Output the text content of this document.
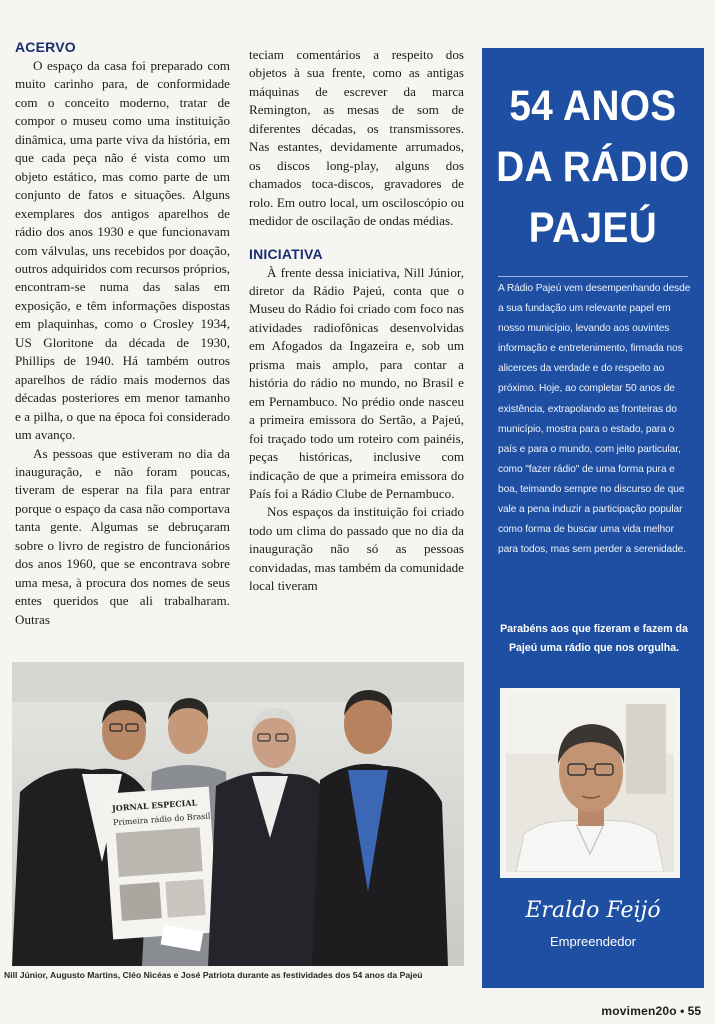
ACERVO

O espaço da casa foi preparado com muito carinho para, de conformidade com o conceito moderno, tratar de compor o museu como uma instituição dinâmica, uma parte viva da história, em que cada peça não é vista como um objeto estático, mas como parte de um conjunto de fatos e situações. Alguns exemplares dos antigos aparelhos de rádio dos anos 1930 e que funcionavam com válvulas, uns recebidos por doação, outros adquiridos com recursos próprios, encontram-se numa das salas em exposição, e têm informações dispostas em plaquinhas, como o Crosley 1934, US Gloritone da década de 1930, Phillips de 1940. Há também outros aparelhos de rádio mais modernos das décadas posteriores em menor tamanho e a pilha, o que na época foi considerado um avanço.

As pessoas que estiveram no dia da inauguração, e não foram poucas, tiveram de esperar na fila para entrar porque o espaço da casa não comportava tanta gente. Algumas se debruçaram sobre o livro de registro de funcionários dos anos 1960, que se encontrava sobre uma mesa, à procura dos nomes de seus entes queridos que ali trabalharam. Outras

teciam comentários a respeito dos objetos à sua frente, como as antigas máquinas de escrever da marca Remington, as mesas de som de diferentes décadas, os transmissores. Nas estantes, devidamente arrumados, os discos long-play, alguns dos chamados toca-discos, gravadores de rolo. Em outro local, um osciloscópio ou medidor de oscilação de ondas médias.

INICIATIVA

À frente dessa iniciativa, Nill Júnior, diretor da Rádio Pajeú, conta que o Museu do Rádio foi criado com foco nas atividades radiofônicas desenvolvidas em Afogados da Ingazeira e, sob um prisma mais amplo, para contar a história do rádio no mundo, no Brasil e em Pernambuco. No prédio onde nasceu a primeira emissora do Sertão, a Pajeú, foi traçado todo um roteiro com painéis, peças históricas, inclusive com indicação de que a primeira emissora do País foi a Rádio Clube de Pernambuco.

Nos espaços da instituição foi criado todo um clima do passado que no dia da inauguração não só as pessoas convidadas, mas também da comunidade local tiveram

54 ANOS
DA RÁDIO
PAJEÚ
A Rádio Pajeú vem desempenhando desde a sua fundação um relevante papel em nosso município, levando aos ouvintes informação e entretenimento, firmada nos alicerces da verdade e do respeito ao próximo. Hoje, ao completar 50 anos de existência, extrapolando as fronteiras do município, mostra para o estado, para o país e para o mundo, com jeito particular, como "fazer rádio" de uma forma pura e boa, teimando sempre no discurso de que vale a pena induzir a participação popular como forma de buscar uma vida melhor para todos, mas sem perder a serenidade.
Parabéns aos que fizeram e fazem da Pajeú uma rádio que nos orgulha.
Eraldo Feijó
Empreendedor
JORNAL ESPECIAL
Primeira rádio do Brasil
Nill Júnior, Augusto Martins, Cléo Nicéas e José Patriota durante as festividades dos 54 anos da Pajeú
movimen20o • 55
